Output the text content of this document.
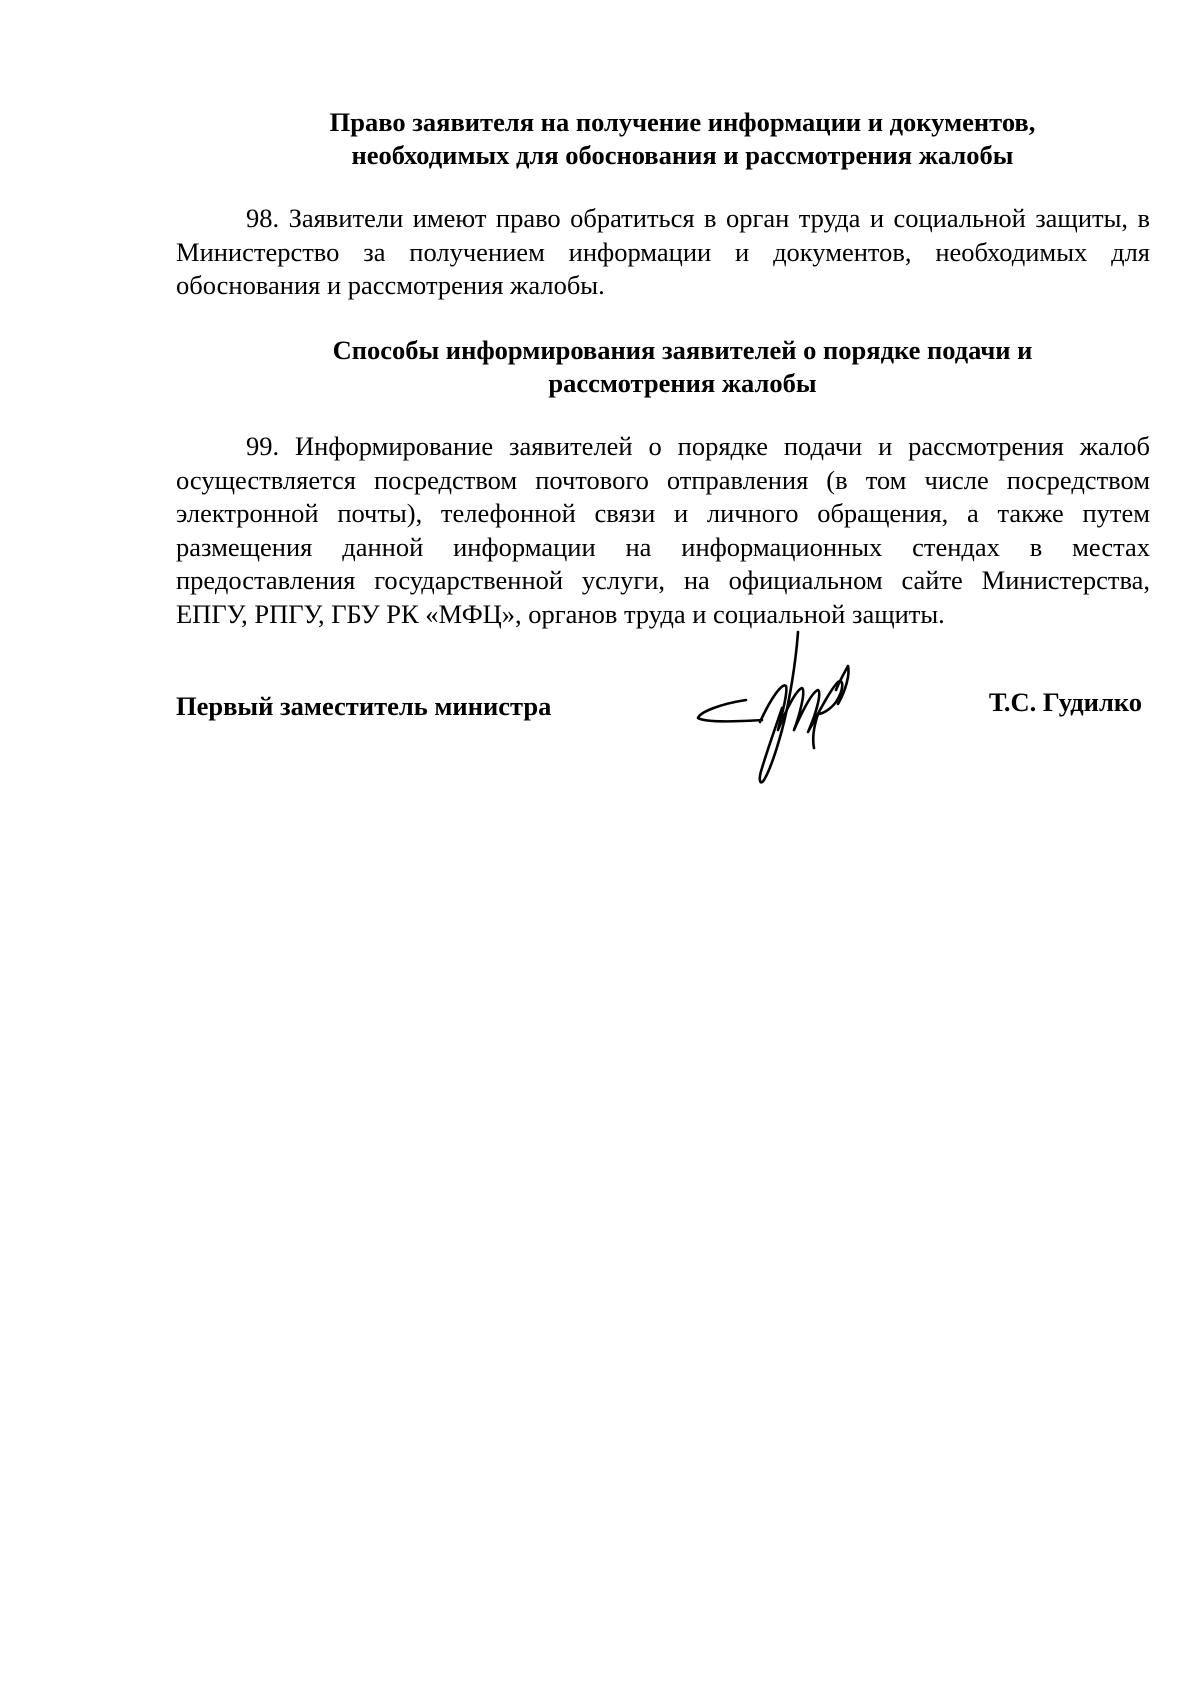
Право заявителя на получение информации и документов,
необходимых для обоснования и рассмотрения жалобы

98. Заявители имеют право обратиться в орган труда и социальной защиты, в Министерство за получением информации и документов, необходимых для обоснования и рассмотрения жалобы.

Способы информирования заявителей о порядке подачи и
рассмотрения жалобы

99. Информирование заявителей о порядке подачи и рассмотрения жалоб осуществляется посредством почтового отправления (в том числе посредством электронной почты), телефонной связи и личного обращения, а также путем размещения данной информации на информационных стендах в местах предоставления государственной услуги, на официальном сайте Министерства, ЕПГУ, РПГУ, ГБУ РК «МФЦ», органов труда и социальной защиты.

Первый заместитель министра	Т.С. Гудилко
